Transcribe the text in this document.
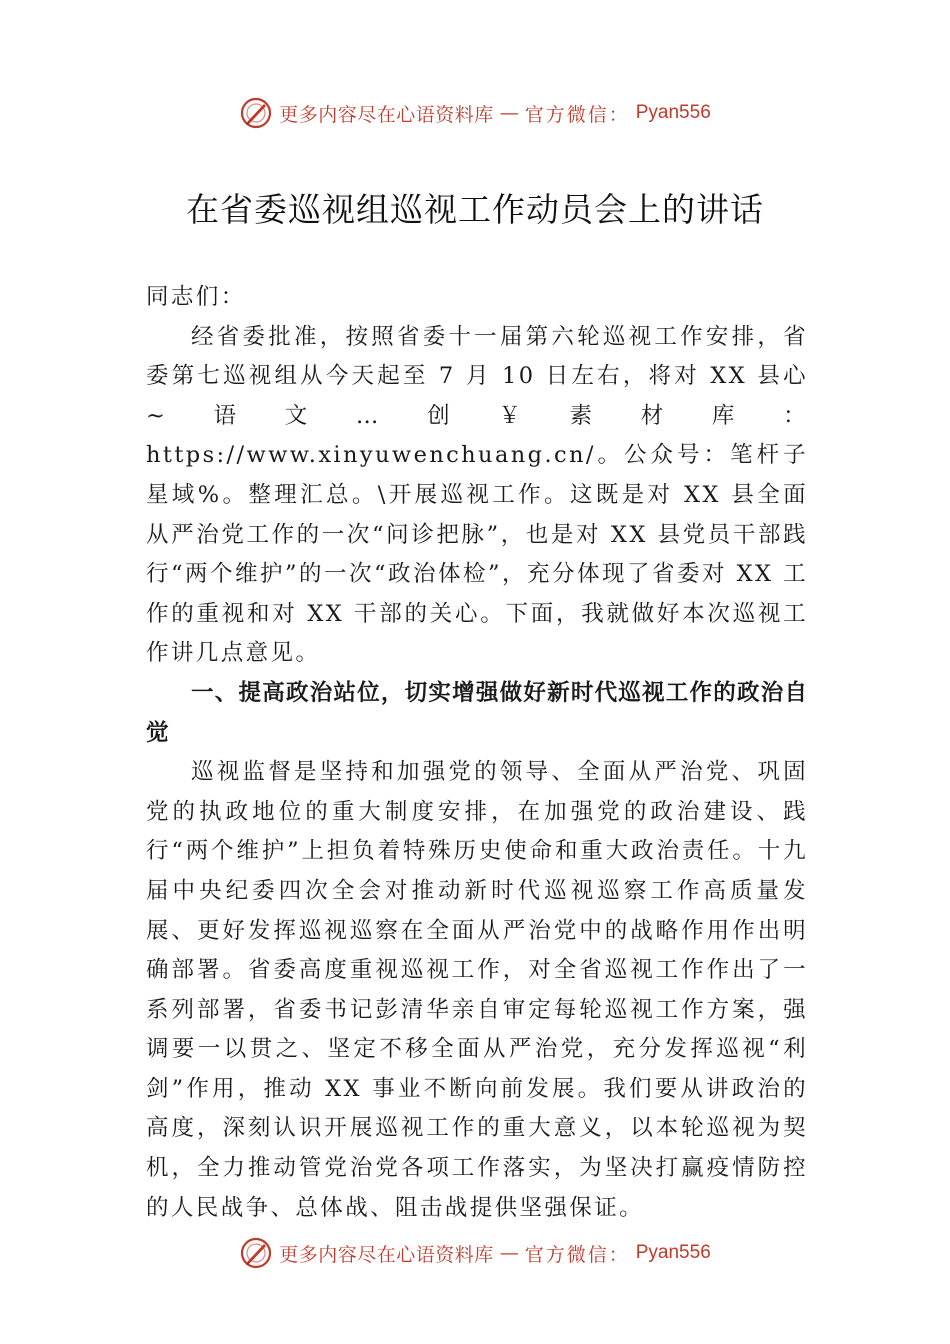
更多内容尽在心语资料库 — 官方微信： Pyan556
在省委巡视组巡视工作动员会上的讲话

同志们：

经省委批准，按照省委十一届第六轮巡视工作安排，省委第七巡视组从今天起至 7 月 10 日左右，将对 XX 县心~语文…创￥素材库：https://www.xinyuwenchuang.cn/。公众号：笔杆子星域%。整理汇总。\开展巡视工作。这既是对 XX 县全面从严治党工作的一次“问诊把脉”，也是对 XX 县党员干部践行“两个维护”的一次“政治体检”，充分体现了省委对 XX 工作的重视和对 XX 干部的关心。下面，我就做好本次巡视工作讲几点意见。

一、提高政治站位，切实增强做好新时代巡视工作的政治自觉

巡视监督是坚持和加强党的领导、全面从严治党、巩固党的执政地位的重大制度安排，在加强党的政治建设、践行“两个维护”上担负着特殊历史使命和重大政治责任。十九届中央纪委四次全会对推动新时代巡视巡察工作高质量发展、更好发挥巡视巡察在全面从严治党中的战略作用作出明确部署。省委高度重视巡视工作，对全省巡视工作作出了一系列部署，省委书记彭清华亲自审定每轮巡视工作方案，强调要一以贯之、坚定不移全面从严治党，充分发挥巡视“利剑”作用，推动 XX 事业不断向前发展。我们要从讲政治的高度，深刻认识开展巡视工作的重大意义，以本轮巡视为契机，全力推动管党治党各项工作落实，为坚决打赢疫情防控的人民战争、总体战、阻击战提供坚强保证。

更多内容尽在心语资料库 — 官方微信： Pyan556
